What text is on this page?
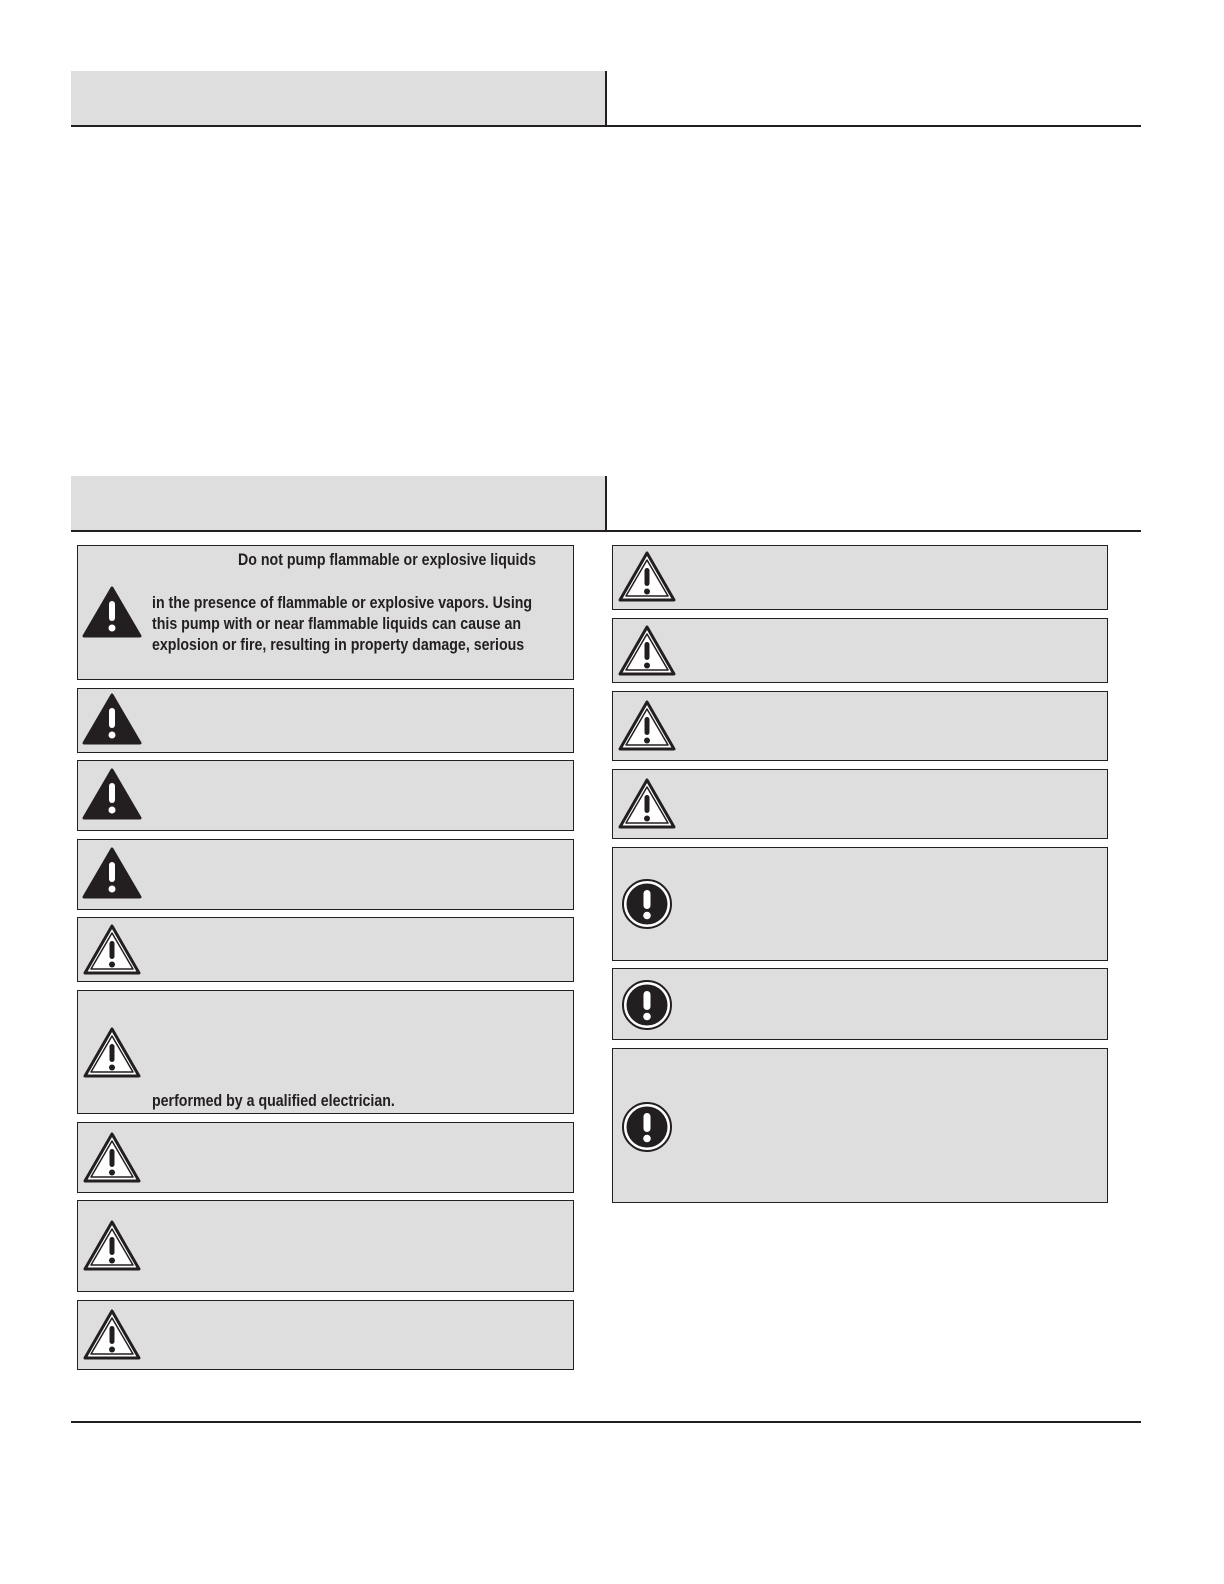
Do not pump flammable or explosive liquids
in the presence of flammable or explosive vapors. Using
this pump with or near flammable liquids can cause an
explosion or fire, resulting in property damage, serious
performed by a qualified electrician.
